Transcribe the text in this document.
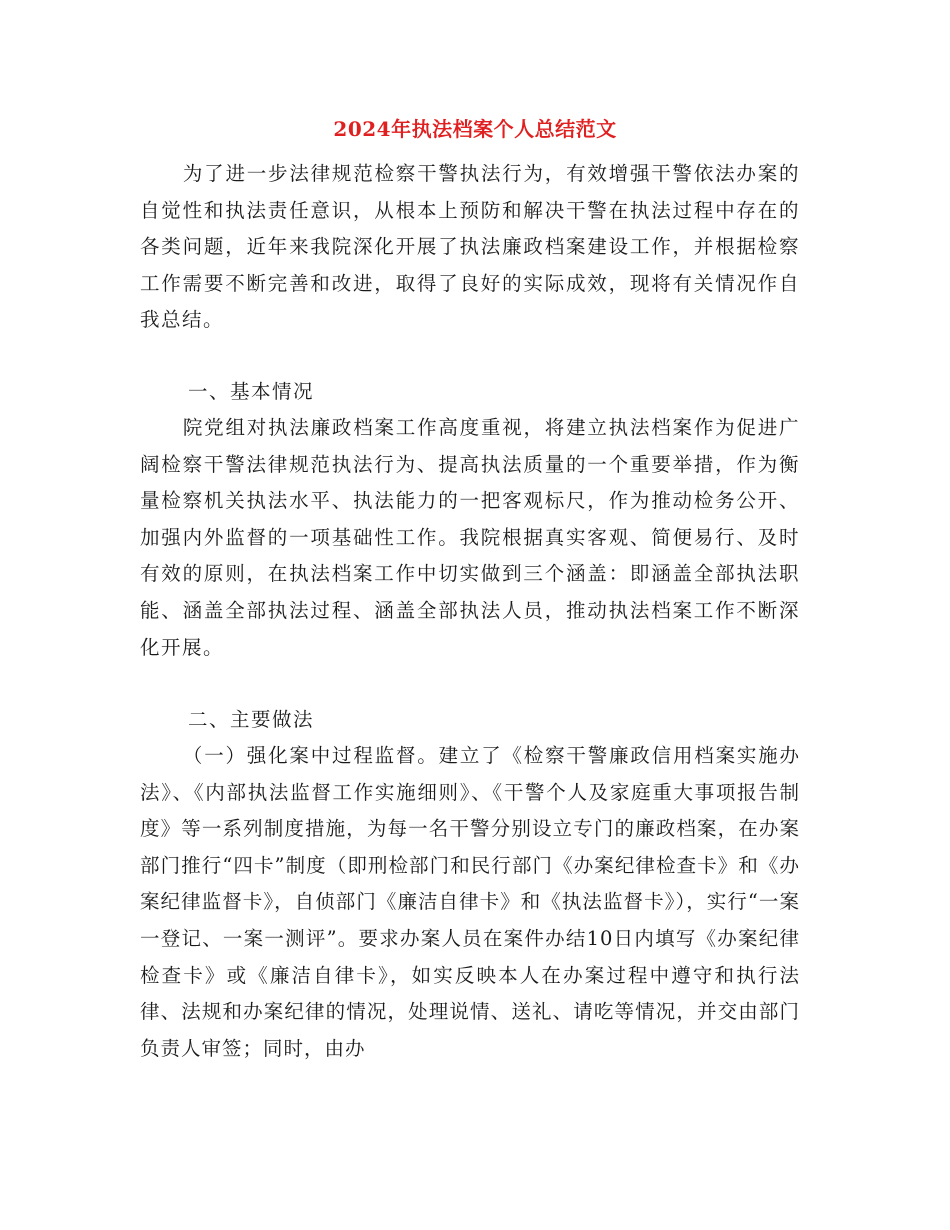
2024年执法档案个人总结范文

为了进一步法律规范检察干警执法行为，有效增强干警依法办案的自觉性和执法责任意识，从根本上预防和解决干警在执法过程中存在的各类问题，近年来我院深化开展了执法廉政档案建设工作，并根据检察工作需要不断完善和改进，取得了良好的实际成效，现将有关情况作自我总结。

一、基本情况

院党组对执法廉政档案工作高度重视，将建立执法档案作为促进广阔检察干警法律规范执法行为、提高执法质量的一个重要举措，作为衡量检察机关执法水平、执法能力的一把客观标尺，作为推动检务公开、加强内外监督的一项基础性工作。我院根据真实客观、简便易行、及时有效的原则，在执法档案工作中切实做到三个涵盖：即涵盖全部执法职能、涵盖全部执法过程、涵盖全部执法人员，推动执法档案工作不断深化开展。

二、主要做法

（一）强化案中过程监督。建立了《检察干警廉政信用档案实施办法》、《内部执法监督工作实施细则》、《干警个人及家庭重大事项报告制度》等一系列制度措施，为每一名干警分别设立专门的廉政档案，在办案部门推行“四卡”制度（即刑检部门和民行部门《办案纪律检查卡》和《办案纪律监督卡》，自侦部门《廉洁自律卡》和《执法监督卡》），实行“一案一登记、一案一测评”。要求办案人员在案件办结10日内填写《办案纪律检查卡》或《廉洁自律卡》，如实反映本人在办案过程中遵守和执行法律、法规和办案纪律的情况，处理说情、送礼、请吃等情况，并交由部门负责人审签；同时，由办
